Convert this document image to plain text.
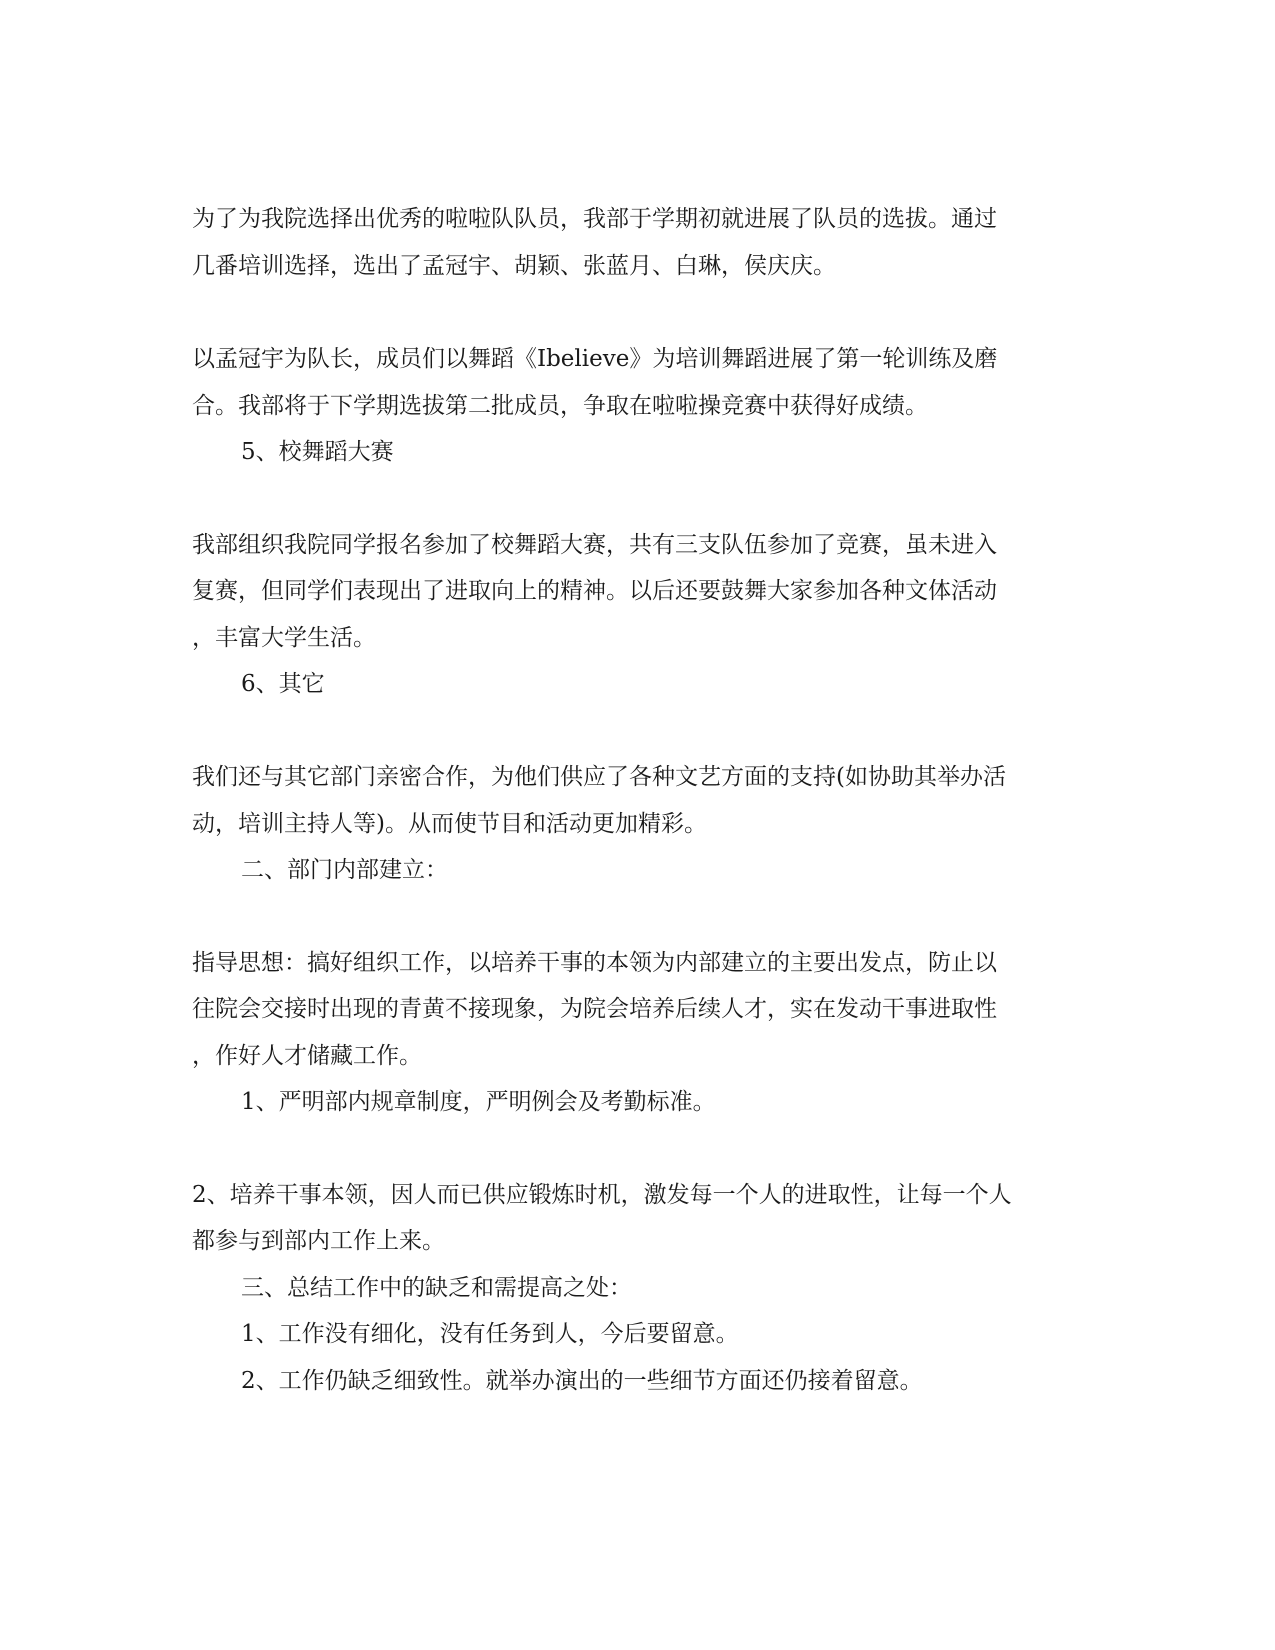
为了为我院选择出优秀的啦啦队队员，我部于学期初就进展了队员的选拔。通过
几番培训选择，选出了孟冠宇、胡颖、张蓝月、白琳，侯庆庆。
以孟冠宇为队长，成员们以舞蹈《Ibelieve》为培训舞蹈进展了第一轮训练及磨
合。我部将于下学期选拔第二批成员，争取在啦啦操竞赛中获得好成绩。
5、校舞蹈大赛
我部组织我院同学报名参加了校舞蹈大赛，共有三支队伍参加了竞赛，虽未进入
复赛，但同学们表现出了进取向上的精神。以后还要鼓舞大家参加各种文体活动
，丰富大学生活。
6、其它
我们还与其它部门亲密合作，为他们供应了各种文艺方面的支持(如协助其举办活
动，培训主持人等)。从而使节目和活动更加精彩。
二、部门内部建立：
指导思想：搞好组织工作，以培养干事的本领为内部建立的主要出发点，防止以
往院会交接时出现的青黄不接现象，为院会培养后续人才，实在发动干事进取性
，作好人才储藏工作。
1、严明部内规章制度，严明例会及考勤标准。
2、培养干事本领，因人而已供应锻炼时机，激发每一个人的进取性，让每一个人
都参与到部内工作上来。
三、总结工作中的缺乏和需提高之处：
1、工作没有细化，没有任务到人，今后要留意。
2、工作仍缺乏细致性。就举办演出的一些细节方面还仍接着留意。
